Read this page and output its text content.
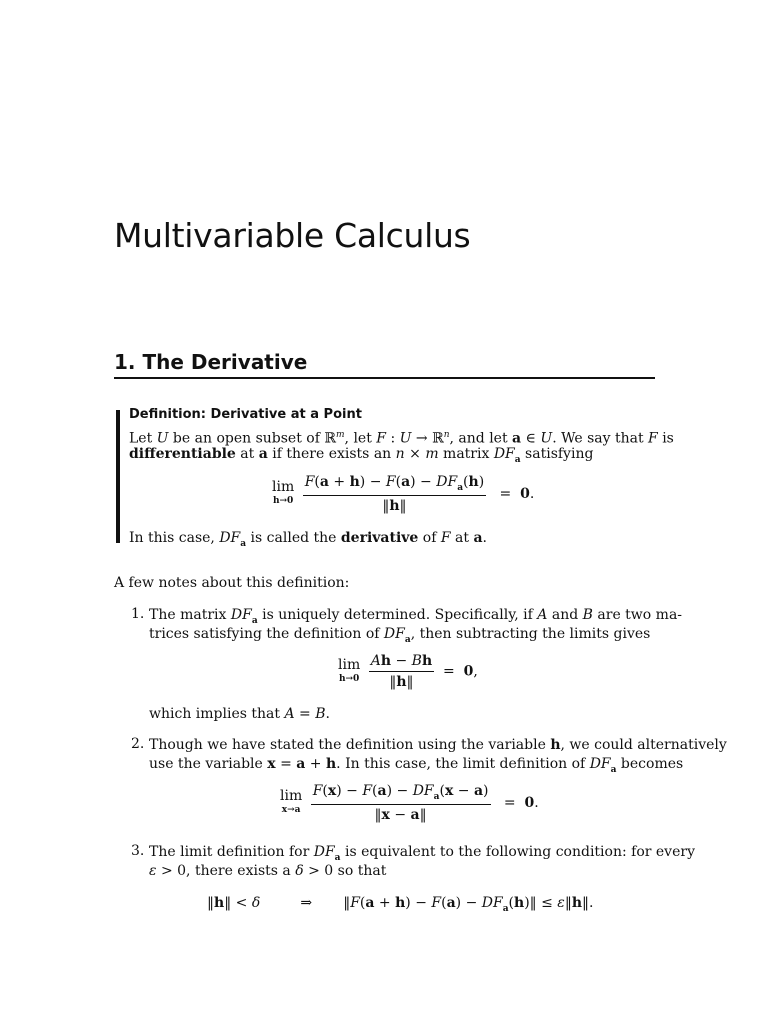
Multivariable Calculus
1. The Derivative
Definition: Derivative at a Point
Let U be an open subset of ℝ$^m$, let F : U → ℝ$^n$, and let a ∈ U. We say that F is
differentiable at a if there exists an n × m matrix $DF_a$ satisfying
lim
h→0
$\frac{F(a + h) - F(a) - DF_a(h)}{‖h‖} = 0$.
In this case, $DF_a$ is called the derivative of F at a.
A few notes about this definition:
1. The matrix $DF_a$ is uniquely determined. Specifically, if A and B are two ma-
trices satisfying the definition of $DF_a$, then subtracting the limits gives
lim
h→0
$\frac{Ah - Bh}{‖h‖} = 0$,
which implies that A = B.
2. Though we have stated the definition using the variable h, we could alternatively
use the variable x = a + h. In this case, the limit definition of $DF_a$ becomes
lim
x→a
$\frac{F(x) - F(a) - DF_a(x - a)}{‖x - a‖} = 0$.
3. The limit definition for $DF_a$ is equivalent to the following condition: for every
ε > 0, there exists a δ > 0 so that
‖h‖ < δ         ⇒       ‖F(a + $h) - F(a) - DF_a(h)‖$ ≤ ε‖h‖.
